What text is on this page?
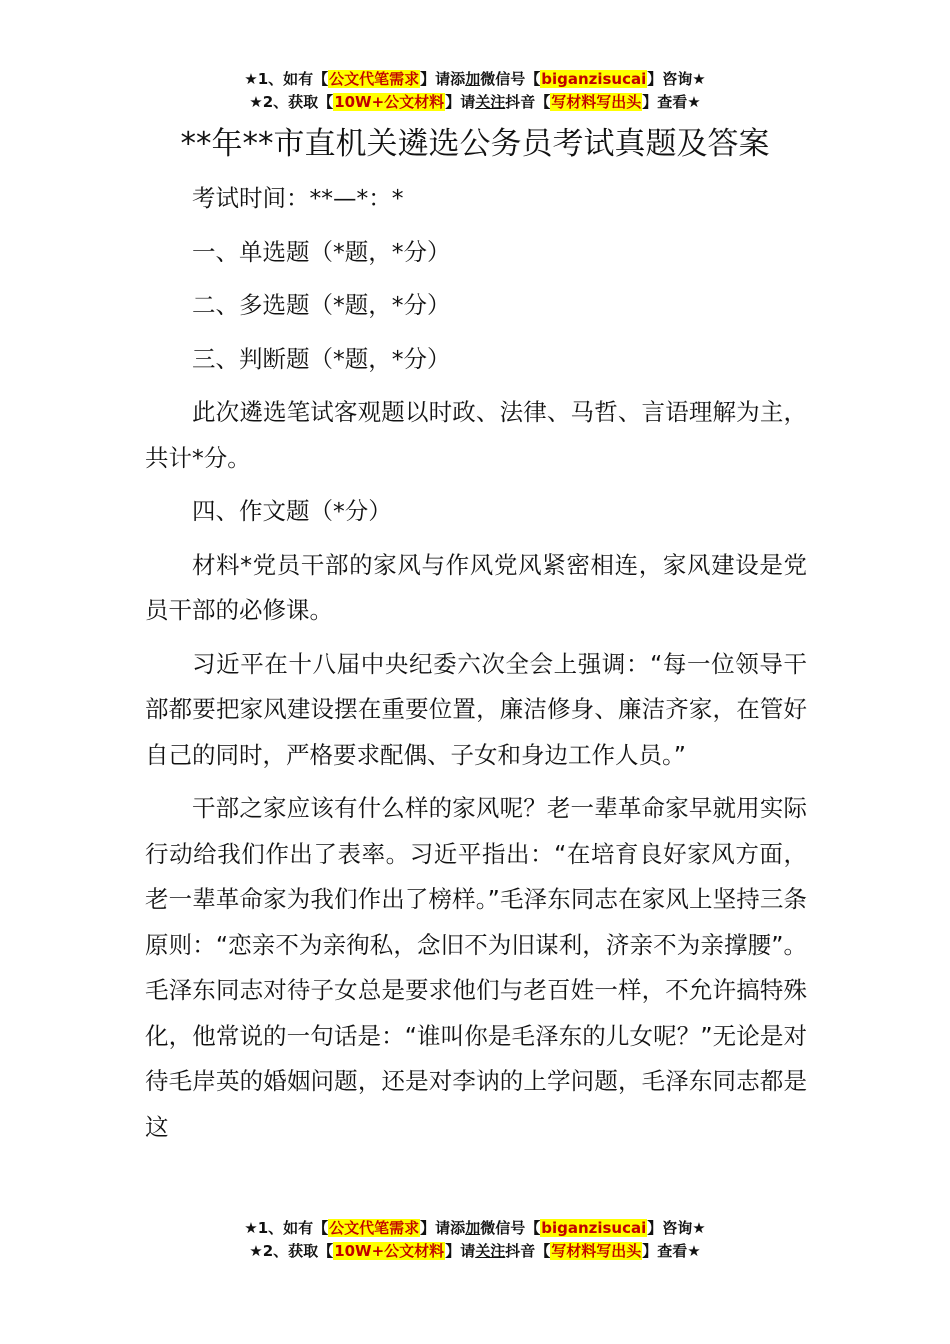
★1、如有【公文代笔需求】请添加微信号【biganzisucai】咨询★
★2、获取【10W+公文材料】请关注抖音【写材料写出头】查看★
**年**市直机关遴选公务员考试真题及答案

考试时间：**—*：*

一、单选题（*题，*分）

二、多选题（*题，*分）

三、判断题（*题，*分）

此次遴选笔试客观题以时政、法律、马哲、言语理解为主，共计*分。

四、作文题（*分）

材料*党员干部的家风与作风党风紧密相连，家风建设是党员干部的必修课。

习近平在十八届中央纪委六次全会上强调：“每一位领导干部都要把家风建设摆在重要位置，廉洁修身、廉洁齐家，在管好自己的同时，严格要求配偶、子女和身边工作人员。”

干部之家应该有什么样的家风呢？老一辈革命家早就用实际行动给我们作出了表率。习近平指出：“在培育良好家风方面，老一辈革命家为我们作出了榜样。”毛泽东同志在家风上坚持三条原则：“恋亲不为亲徇私，念旧不为旧谋利，济亲不为亲撑腰”。毛泽东同志对待子女总是要求他们与老百姓一样，不允许搞特殊化，他常说的一句话是：“谁叫你是毛泽东的儿女呢？”无论是对待毛岸英的婚姻问题，还是对李讷的上学问题，毛泽东同志都是这

★1、如有【公文代笔需求】请添加微信号【biganzisucai】咨询★
★2、获取【10W+公文材料】请关注抖音【写材料写出头】查看★
